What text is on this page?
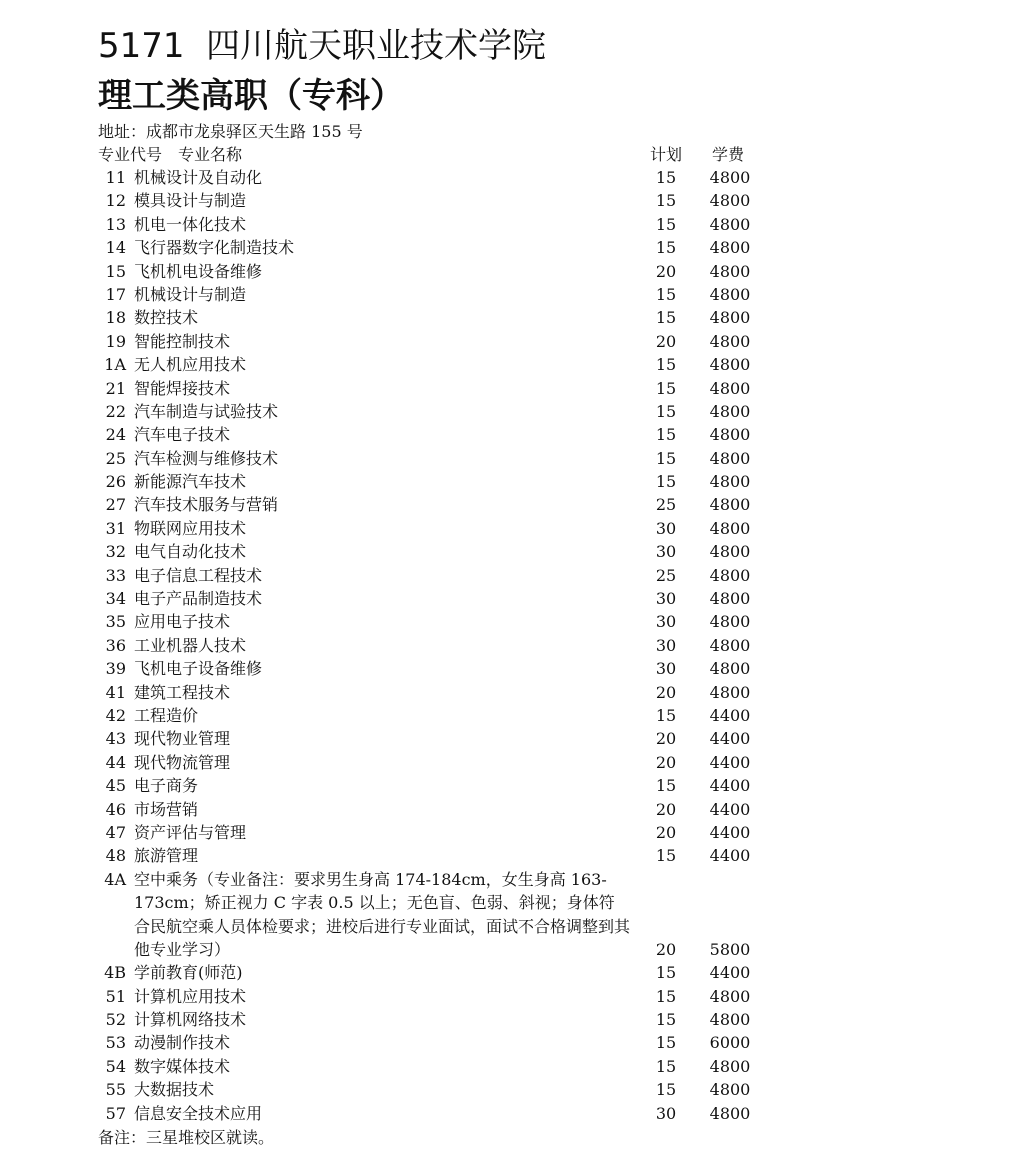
5171 四川航天职业技术学院
理工类高职（专科）
地址：成都市龙泉驿区天生路 155 号
专业代号 专业名称	计划 学费
11 机械设计及自动化	15	4800
12 模具设计与制造	15	4800
13 机电一体化技术	15	4800
14 飞行器数字化制造技术	15	4800
15 飞机机电设备维修	20	4800
17 机械设计与制造	15	4800
18 数控技术	15	4800
19 智能控制技术	20	4800
1A 无人机应用技术	15	4800
21 智能焊接技术	15	4800
22 汽车制造与试验技术	15	4800
24 汽车电子技术	15	4800
25 汽车检测与维修技术	15	4800
26 新能源汽车技术	15	4800
27 汽车技术服务与营销	25	4800
31 物联网应用技术	30	4800
32 电气自动化技术	30	4800
33 电子信息工程技术	25	4800
34 电子产品制造技术	30	4800
35 应用电子技术	30	4800
36 工业机器人技术	30	4800
39 飞机电子设备维修	30	4800
41 建筑工程技术	20	4800
42 工程造价	15	4400
43 现代物业管理	20	4400
44 现代物流管理	20	4400
45 电子商务	15	4400
46 市场营销	20	4400
47 资产评估与管理	20	4400
48 旅游管理	15	4400
4A 空中乘务（专业备注：要求男生身高 174-184cm，女生身高 163-173cm；矫正视力 C 字表 0.5 以上；无色盲、色弱、斜视；身体符合民航空乘人员体检要求；进校后进行专业面试，面试不合格调整到其他专业学习）	20	5800
4B 学前教育(师范)	15	4400
51 计算机应用技术	15	4800
52 计算机网络技术	15	4800
53 动漫制作技术	15	6000
54 数字媒体技术	15	4800
55 大数据技术	15	4800
57 信息安全技术应用	30	4800
备注：三星堆校区就读。
